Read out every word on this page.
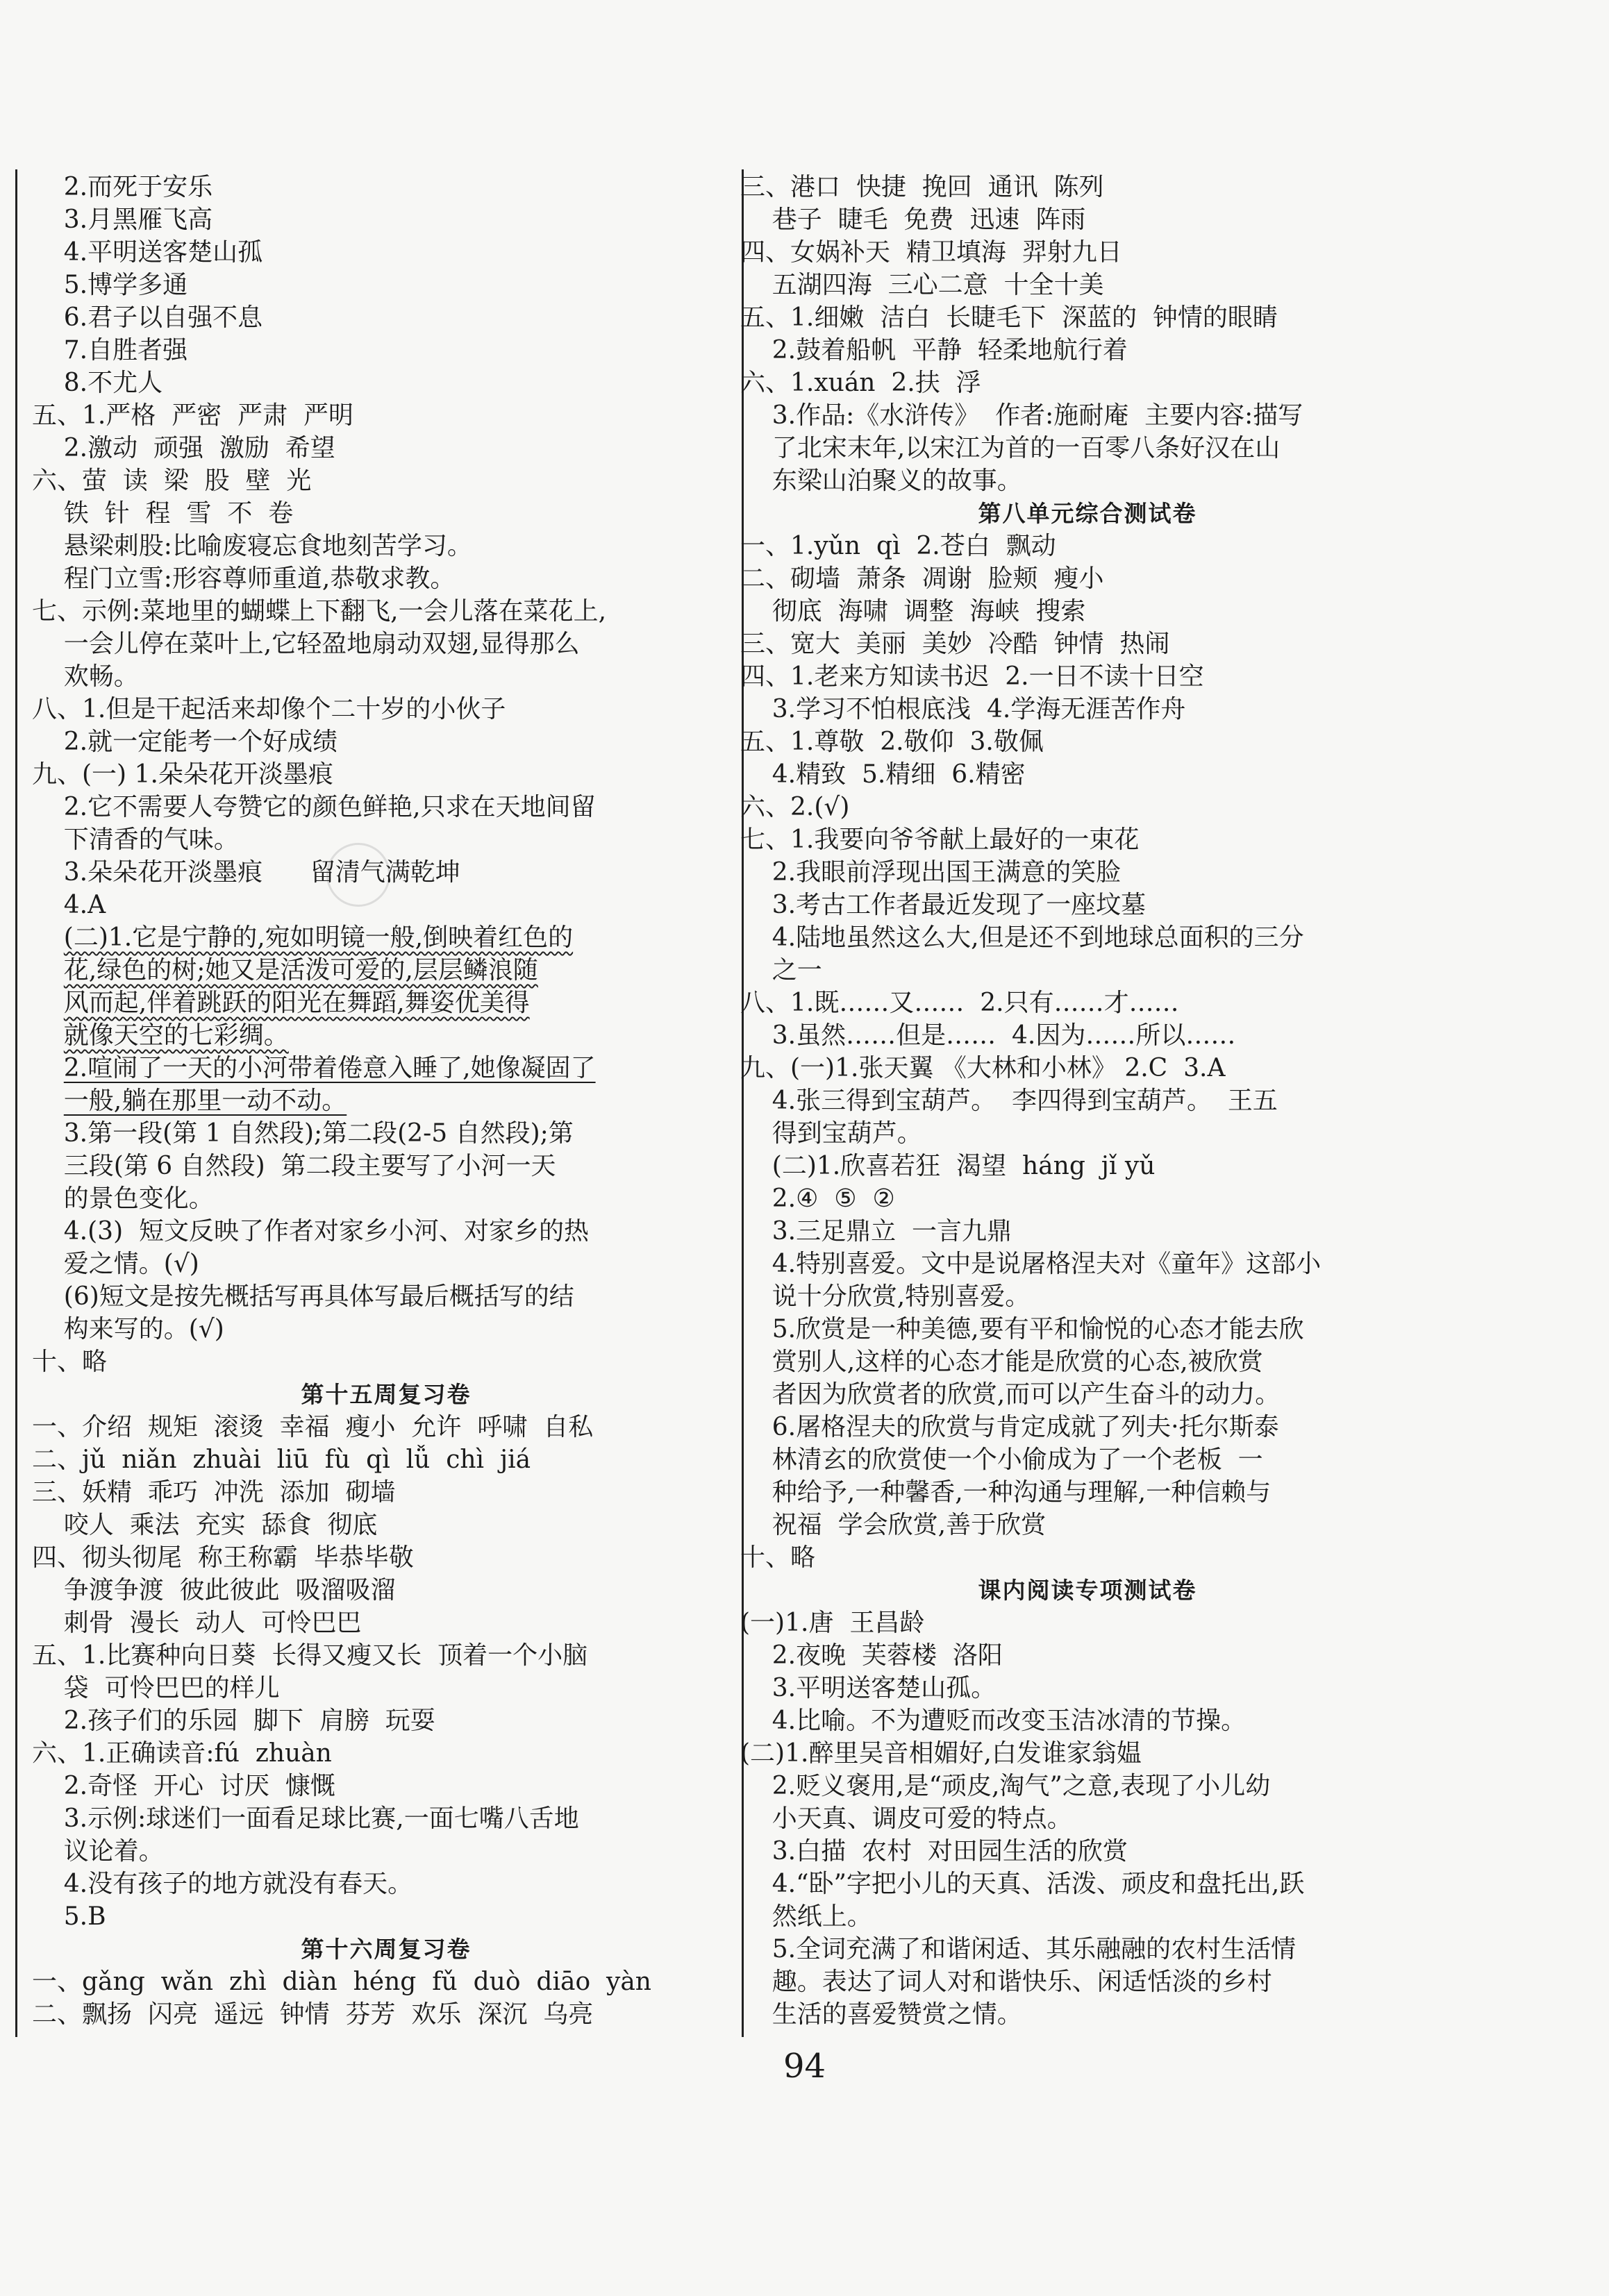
2.而死于安乐
3.月黑雁飞高
4.平明送客楚山孤
5.博学多通
6.君子以自强不息
7.自胜者强
8.不尤人
五、1.严格  严密  严肃  严明
2.激动  顽强  激励  希望
六、萤  读  梁  股  壁  光
铁  针  程  雪  不  卷
悬梁刺股:比喻废寝忘食地刻苦学习。
程门立雪:形容尊师重道,恭敬求教。
七、示例:菜地里的蝴蝶上下翻飞,一会儿落在菜花上,
一会儿停在菜叶上,它轻盈地扇动双翅,显得那么
欢畅。
八、1.但是干起活来却像个二十岁的小伙子
2.就一定能考一个好成绩
九、(一) 1.朵朵花开淡墨痕
2.它不需要人夸赞它的颜色鲜艳,只求在天地间留
下清香的气味。
3.朵朵花开淡墨痕      留清气满乾坤
4.A
(二)1.它是宁静的,宛如明镜一般,倒映着红色的
花,绿色的树;她又是活泼可爱的,层层鳞浪随
风而起,伴着跳跃的阳光在舞蹈,舞姿优美得
就像天空的七彩绸。
2.喧闹了一天的小河带着倦意入睡了,她像凝固了
一般,躺在那里一动不动。
3.第一段(第 1 自然段);第二段(2-5 自然段);第
三段(第 6 自然段)  第二段主要写了小河一天
的景色变化。
4.(3)  短文反映了作者对家乡小河、对家乡的热
爱之情。(√)
(6)短文是按先概括写再具体写最后概括写的结
构来写的。(√)
十、略
第十五周复习卷
一、介绍  规矩  滚烫  幸福  瘦小  允许  呼啸  自私
二、jǔ  niǎn  zhuài  liū  fù  qì  lǚ  chì  jiá
三、妖精  乖巧  冲洗  添加  砌墙
咬人  乘法  充实  舔食  彻底
四、彻头彻尾  称王称霸  毕恭毕敬
争渡争渡  彼此彼此  吸溜吸溜
刺骨  漫长  动人  可怜巴巴
五、1.比赛种向日葵  长得又瘦又长  顶着一个小脑
袋  可怜巴巴的样儿
2.孩子们的乐园  脚下  肩膀  玩耍
六、1.正确读音:fú  zhuàn
2.奇怪  开心  讨厌  慷慨
3.示例:球迷们一面看足球比赛,一面七嘴八舌地
议论着。
4.没有孩子的地方就没有春天。
5.B
第十六周复习卷
一、gǎng  wǎn  zhì  diàn  héng  fǔ  duò  diāo  yàn
二、飘扬  闪亮  遥远  钟情  芬芳  欢乐  深沉  乌亮
三、港口  快捷  挽回  通讯  陈列
巷子  睫毛  免费  迅速  阵雨
四、女娲补天  精卫填海  羿射九日
五湖四海  三心二意  十全十美
五、1.细嫩  洁白  长睫毛下  深蓝的  钟情的眼睛
2.鼓着船帆  平静  轻柔地航行着
六、1.xuán  2.扶  浮
3.作品:《水浒传》  作者:施耐庵  主要内容:描写
了北宋末年,以宋江为首的一百零八条好汉在山
东梁山泊聚义的故事。
第八单元综合测试卷
一、1.yǔn  qì  2.苍白  飘动
二、砌墙  萧条  凋谢  脸颊  瘦小
彻底  海啸  调整  海峡  搜索
三、宽大  美丽  美妙  冷酷  钟情  热闹
四、1.老来方知读书迟  2.一日不读十日空
3.学习不怕根底浅  4.学海无涯苦作舟
五、1.尊敬  2.敬仰  3.敬佩
4.精致  5.精细  6.精密
六、2.(√)
七、1.我要向爷爷献上最好的一束花
2.我眼前浮现出国王满意的笑脸
3.考古工作者最近发现了一座坟墓
4.陆地虽然这么大,但是还不到地球总面积的三分
之一
八、1.既……又……  2.只有……才……
3.虽然……但是……  4.因为……所以……
九、(一)1.张天翼 《大林和小林》 2.C  3.A
4.张三得到宝葫芦。  李四得到宝葫芦。  王五
得到宝葫芦。
(二)1.欣喜若狂  渴望  háng  jǐ yǔ
2.④  ⑤  ②
3.三足鼎立  一言九鼎
4.特别喜爱。文中是说屠格涅夫对《童年》这部小
说十分欣赏,特别喜爱。
5.欣赏是一种美德,要有平和愉悦的心态才能去欣
赏别人,这样的心态才能是欣赏的心态,被欣赏
者因为欣赏者的欣赏,而可以产生奋斗的动力。
6.屠格涅夫的欣赏与肯定成就了列夫·托尔斯泰
林清玄的欣赏使一个小偷成为了一个老板  一
种给予,一种馨香,一种沟通与理解,一种信赖与
祝福  学会欣赏,善于欣赏
十、略
课内阅读专项测试卷
(一)1.唐  王昌龄
2.夜晚  芙蓉楼  洛阳
3.平明送客楚山孤。
4.比喻。不为遭贬而改变玉洁冰清的节操。
(二)1.醉里吴音相媚好,白发谁家翁媪
2.贬义褒用,是“顽皮,淘气”之意,表现了小儿幼
小天真、调皮可爱的特点。
3.白描  农村  对田园生活的欣赏
4.“卧”字把小儿的天真、活泼、顽皮和盘托出,跃
然纸上。
5.全词充满了和谐闲适、其乐融融的农村生活情
趣。表达了词人对和谐快乐、闲适恬淡的乡村
生活的喜爱赞赏之情。
94
